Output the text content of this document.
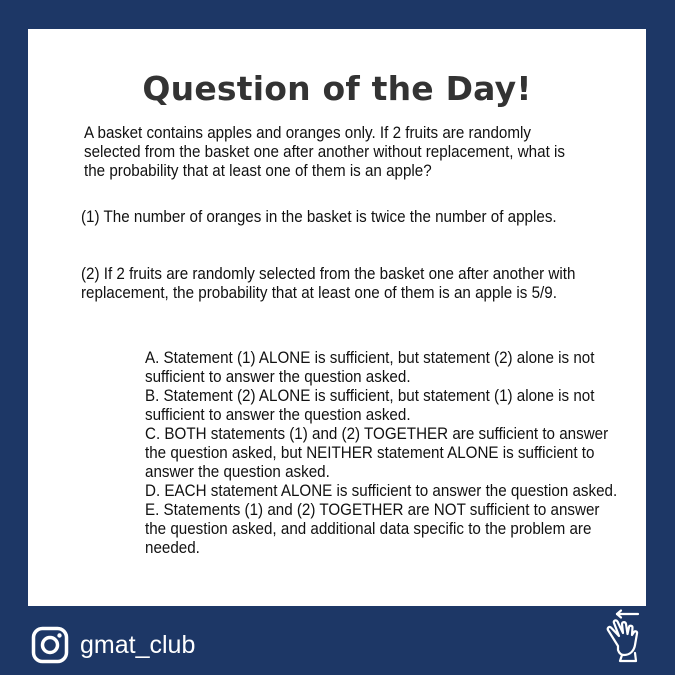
Question of the Day!

A basket contains apples and oranges only. If 2 fruits are randomly selected from the basket one after another without replacement, what is the probability that at least one of them is an apple?

(1) The number of oranges in the basket is twice the number of apples.

(2) If 2 fruits are randomly selected from the basket one after another with replacement, the probability that at least one of them is an apple is 5/9.

A. Statement (1) ALONE is sufficient, but statement (2) alone is not sufficient to answer the question asked.
B. Statement (2) ALONE is sufficient, but statement (1) alone is not sufficient to answer the question asked.
C. BOTH statements (1) and (2) TOGETHER are sufficient to answer the question asked, but NEITHER statement ALONE is sufficient to answer the question asked.
D. EACH statement ALONE is sufficient to answer the question asked.
E. Statements (1) and (2) TOGETHER are NOT sufficient to answer the question asked, and additional data specific to the problem are needed.

gmat_club
